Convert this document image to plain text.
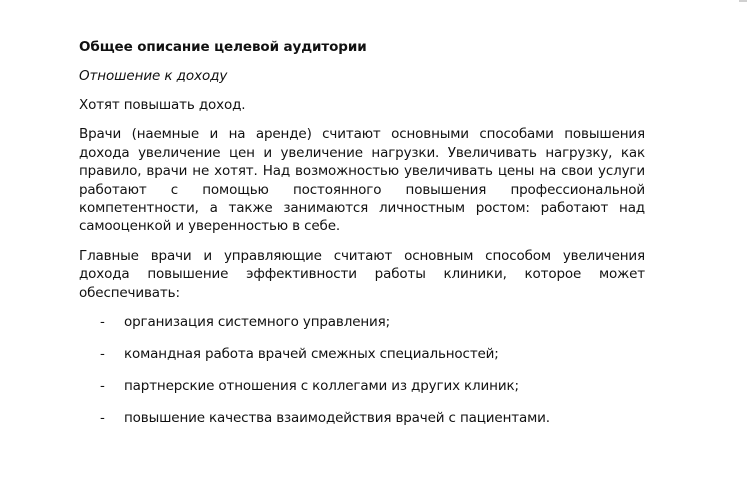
Общее описание целевой аудитории

Отношение к доходу

Хотят повышать доход.

Врачи (наемные и на аренде) считают основными способами повышения дохода увеличение цен и увеличение нагрузки. Увеличивать нагрузку, как правило, врачи не хотят. Над возможностью увеличивать цены на свои услуги работают с помощью постоянного повышения профессиональной компетентности, а также занимаются личностным ростом: работают над самооценкой и уверенностью в себе.

Главные врачи и управляющие считают основным способом увеличения дохода повышение эффективности работы клиники, которое может обеспечивать:

- организация системного управления;
- командная работа врачей смежных специальностей;
- партнерские отношения с коллегами из других клиник;
- повышение качества взаимодействия врачей с пациентами.
